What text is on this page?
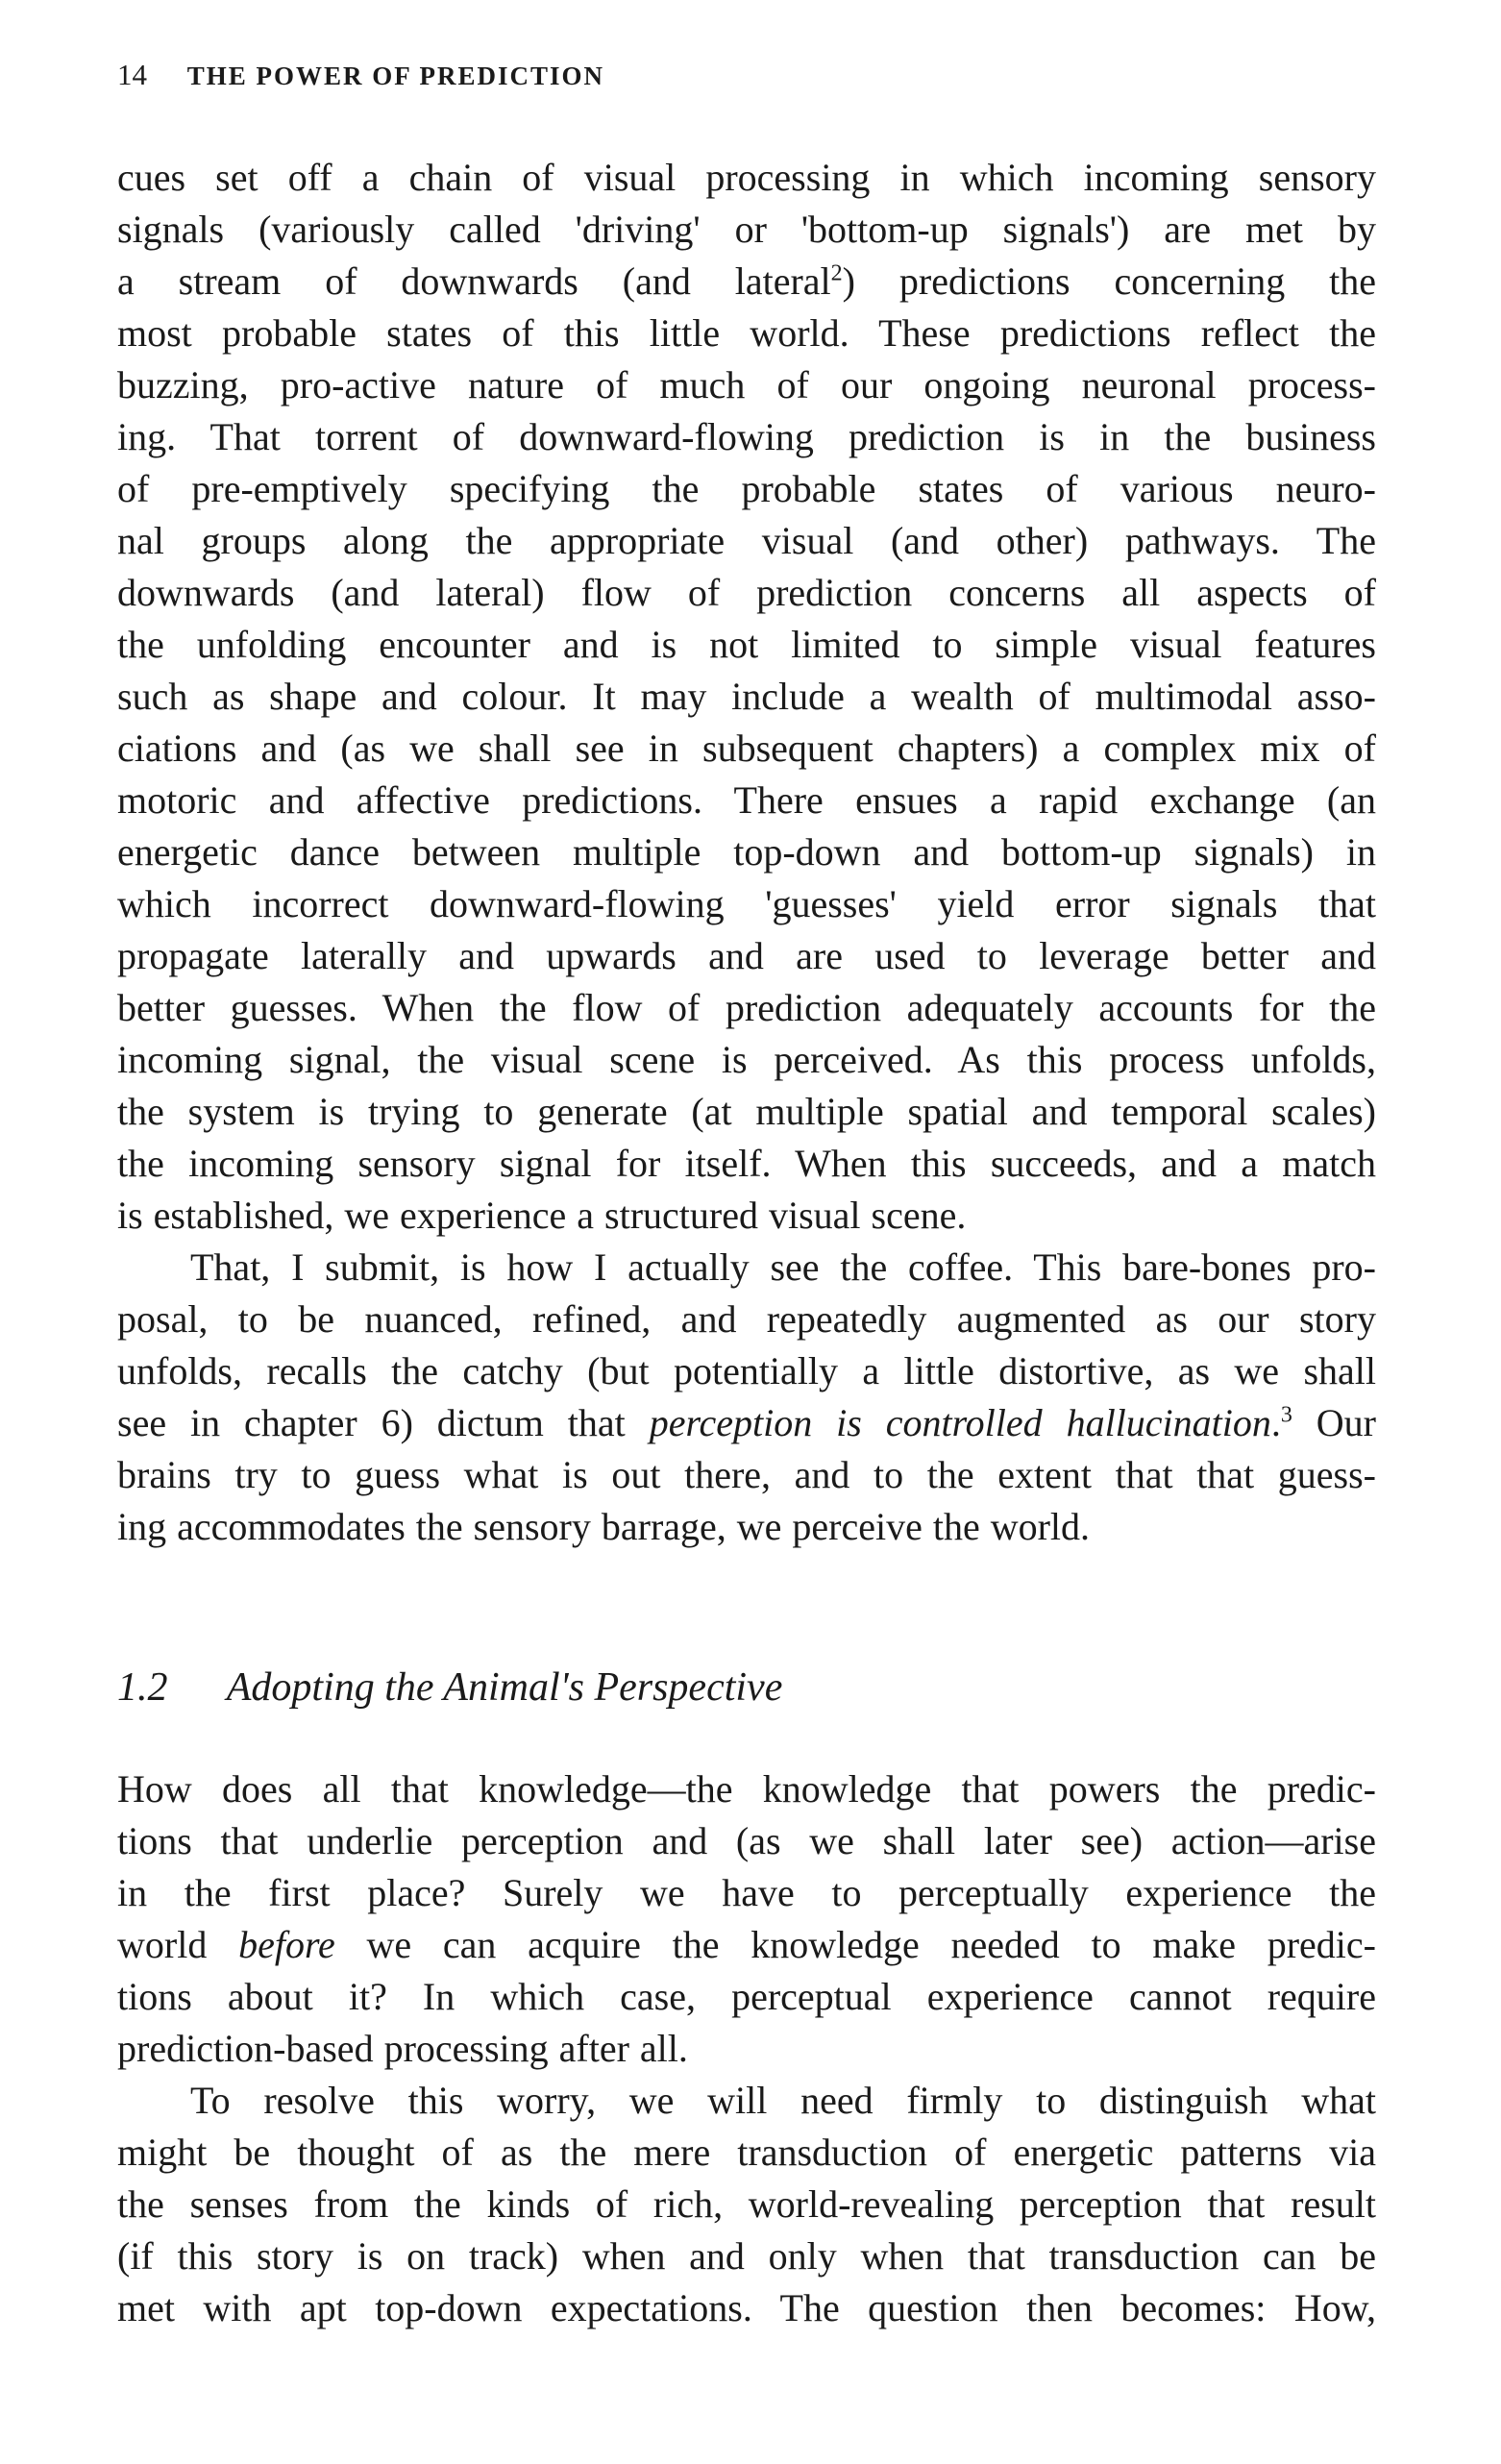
14 THE POWER OF PREDICTION
cues set off a chain of visual processing in which incoming sensory
signals (variously called 'driving' or 'bottom-up signals') are met by
a stream of downwards (and lateral$^2$) predictions concerning the
most probable states of this little world. These predictions reflect the
buzzing, pro-active nature of much of our ongoing neuronal process-
ing. That torrent of downward-flowing prediction is in the business
of pre-emptively specifying the probable states of various neuro-
nal groups along the appropriate visual (and other) pathways. The
downwards (and lateral) flow of prediction concerns all aspects of
the unfolding encounter and is not limited to simple visual features
such as shape and colour. It may include a wealth of multimodal asso-
ciations and (as we shall see in subsequent chapters) a complex mix of
motoric and affective predictions. There ensues a rapid exchange (an
energetic dance between multiple top-down and bottom-up signals) in
which incorrect downward-flowing 'guesses' yield error signals that
propagate laterally and upwards and are used to leverage better and
better guesses. When the flow of prediction adequately accounts for the
incoming signal, the visual scene is perceived. As this process unfolds,
the system is trying to generate (at multiple spatial and temporal scales)
the incoming sensory signal for itself. When this succeeds, and a match
is established, we experience a structured visual scene.
That, I submit, is how I actually see the coffee. This bare-bones pro-
posal, to be nuanced, refined, and repeatedly augmented as our story
unfolds, recalls the catchy (but potentially a little distortive, as we shall
see in chapter 6) dictum that perception is controlled hallucination.$^3$ Our
brains try to guess what is out there, and to the extent that that guess-
ing accommodates the sensory barrage, we perceive the world.
1.2 Adopting the Animal's Perspective
How does all that knowledge—the knowledge that powers the predic-
tions that underlie perception and (as we shall later see) action—arise
in the first place? Surely we have to perceptually experience the
world before we can acquire the knowledge needed to make predic-
tions about it? In which case, perceptual experience cannot require
prediction-based processing after all.
To resolve this worry, we will need firmly to distinguish what
might be thought of as the mere transduction of energetic patterns via
the senses from the kinds of rich, world-revealing perception that result
(if this story is on track) when and only when that transduction can be
met with apt top-down expectations. The question then becomes: How,
